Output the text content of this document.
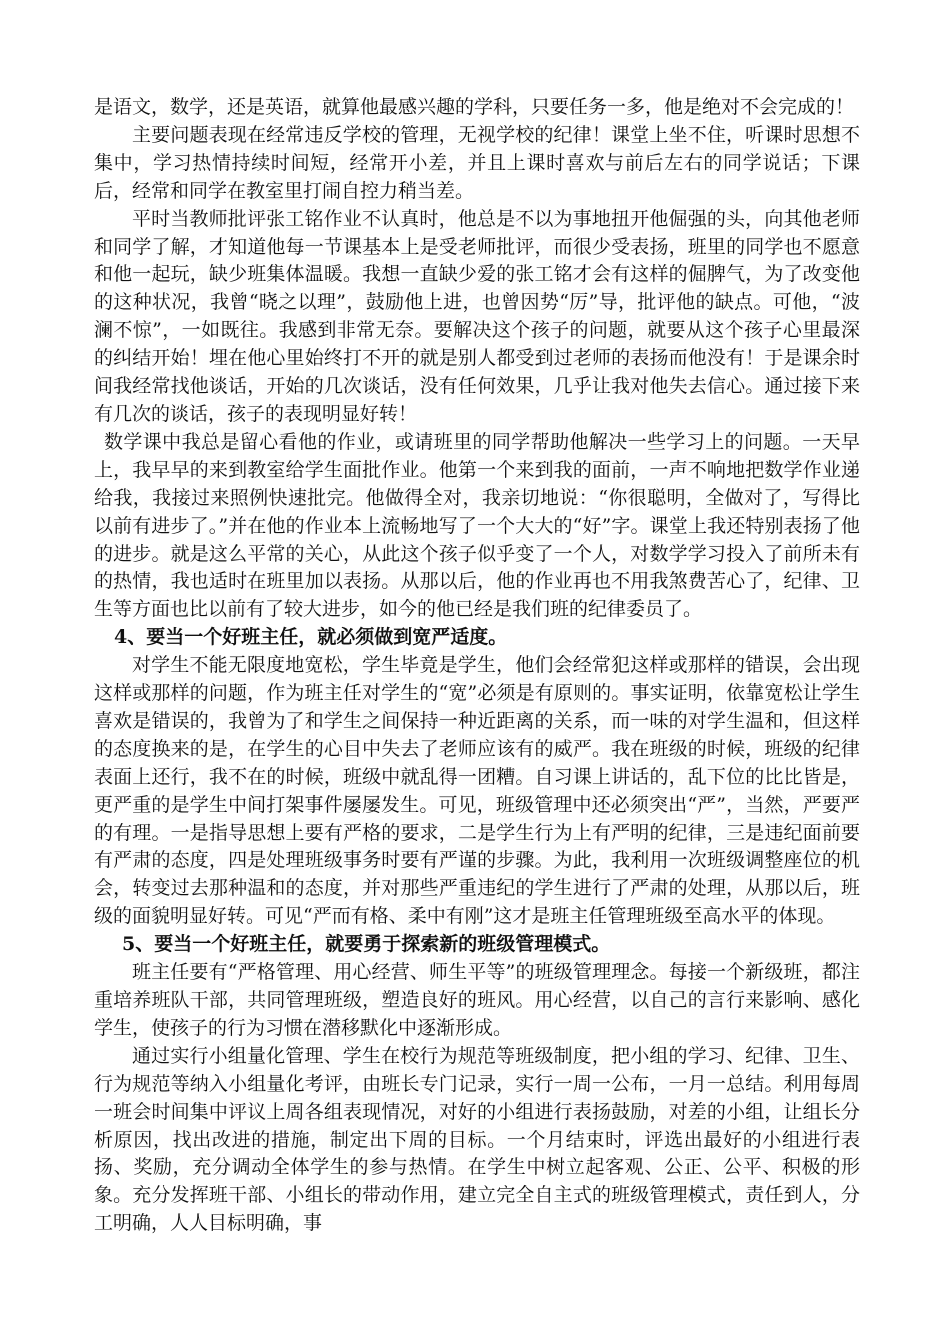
是语文，数学，还是英语，就算他最感兴趣的学科，只要任务一多，他是绝对不会完成的！

主要问题表现在经常违反学校的管理，无视学校的纪律！课堂上坐不住，听课时思想不集中，学习热情持续时间短，经常开小差，并且上课时喜欢与前后左右的同学说话；下课后，经常和同学在教室里打闹自控力稍当差。

平时当教师批评张工铭作业不认真时，他总是不以为事地扭开他倔强的头，向其他老师和同学了解，才知道他每一节课基本上是受老师批评，而很少受表扬，班里的同学也不愿意和他一起玩，缺少班集体温暖。我想一直缺少爱的张工铭才会有这样的倔脾气，为了改变他的这种状况，我曾“晓之以理”，鼓励他上进，也曾因势“厉”导，批评他的缺点。可他，“波澜不惊”，一如既往。我感到非常无奈。要解决这个孩子的问题，就要从这个孩子心里最深的纠结开始！埋在他心里始终打不开的就是别人都受到过老师的表扬而他没有！于是课余时间我经常找他谈话，开始的几次谈话，没有任何效果，几乎让我对他失去信心。通过接下来有几次的谈话，孩子的表现明显好转！

数学课中我总是留心看他的作业，或请班里的同学帮助他解决一些学习上的问题。一天早上，我早早的来到教室给学生面批作业。他第一个来到我的面前，一声不响地把数学作业递给我，我接过来照例快速批完。他做得全对，我亲切地说：“你很聪明，全做对了，写得比以前有进步了。”并在他的作业本上流畅地写了一个大大的“好”字。课堂上我还特别表扬了他的进步。就是这么平常的关心，从此这个孩子似乎变了一个人，对数学学习投入了前所未有的热情，我也适时在班里加以表扬。从那以后，他的作业再也不用我煞费苦心了，纪律、卫生等方面也比以前有了较大进步，如今的他已经是我们班的纪律委员了。

4、要当一个好班主任，就必须做到宽严适度。

对学生不能无限度地宽松，学生毕竟是学生，他们会经常犯这样或那样的错误，会出现这样或那样的问题，作为班主任对学生的“宽”必须是有原则的。事实证明，依靠宽松让学生喜欢是错误的，我曾为了和学生之间保持一种近距离的关系，而一味的对学生温和，但这样的态度换来的是，在学生的心目中失去了老师应该有的威严。我在班级的时候，班级的纪律表面上还行，我不在的时候，班级中就乱得一团糟。自习课上讲话的，乱下位的比比皆是，更严重的是学生中间打架事件屡屡发生。可见，班级管理中还必须突出“严”，当然，严要严的有理。一是指导思想上要有严格的要求，二是学生行为上有严明的纪律，三是违纪面前要有严肃的态度，四是处理班级事务时要有严谨的步骤。为此，我利用一次班级调整座位的机会，转变过去那种温和的态度，并对那些严重违纪的学生进行了严肃的处理，从那以后，班级的面貌明显好转。可见“严而有格、柔中有刚”这才是班主任管理班级至高水平的体现。

5、要当一个好班主任，就要勇于探索新的班级管理模式。

班主任要有“严格管理、用心经营、师生平等”的班级管理理念。每接一个新级班，都注重培养班队干部，共同管理班级，塑造良好的班风。用心经营，以自己的言行来影响、感化学生，使孩子的行为习惯在潜移默化中逐渐形成。

通过实行小组量化管理、学生在校行为规范等班级制度，把小组的学习、纪律、卫生、行为规范等纳入小组量化考评，由班长专门记录，实行一周一公布，一月一总结。利用每周一班会时间集中评议上周各组表现情况，对好的小组进行表扬鼓励，对差的小组，让组长分析原因，找出改进的措施，制定出下周的目标。一个月结束时，评选出最好的小组进行表扬、奖励，充分调动全体学生的参与热情。在学生中树立起客观、公正、公平、积极的形象。充分发挥班干部、小组长的带动作用，建立完全自主式的班级管理模式，责任到人，分工明确，人人目标明确，事
